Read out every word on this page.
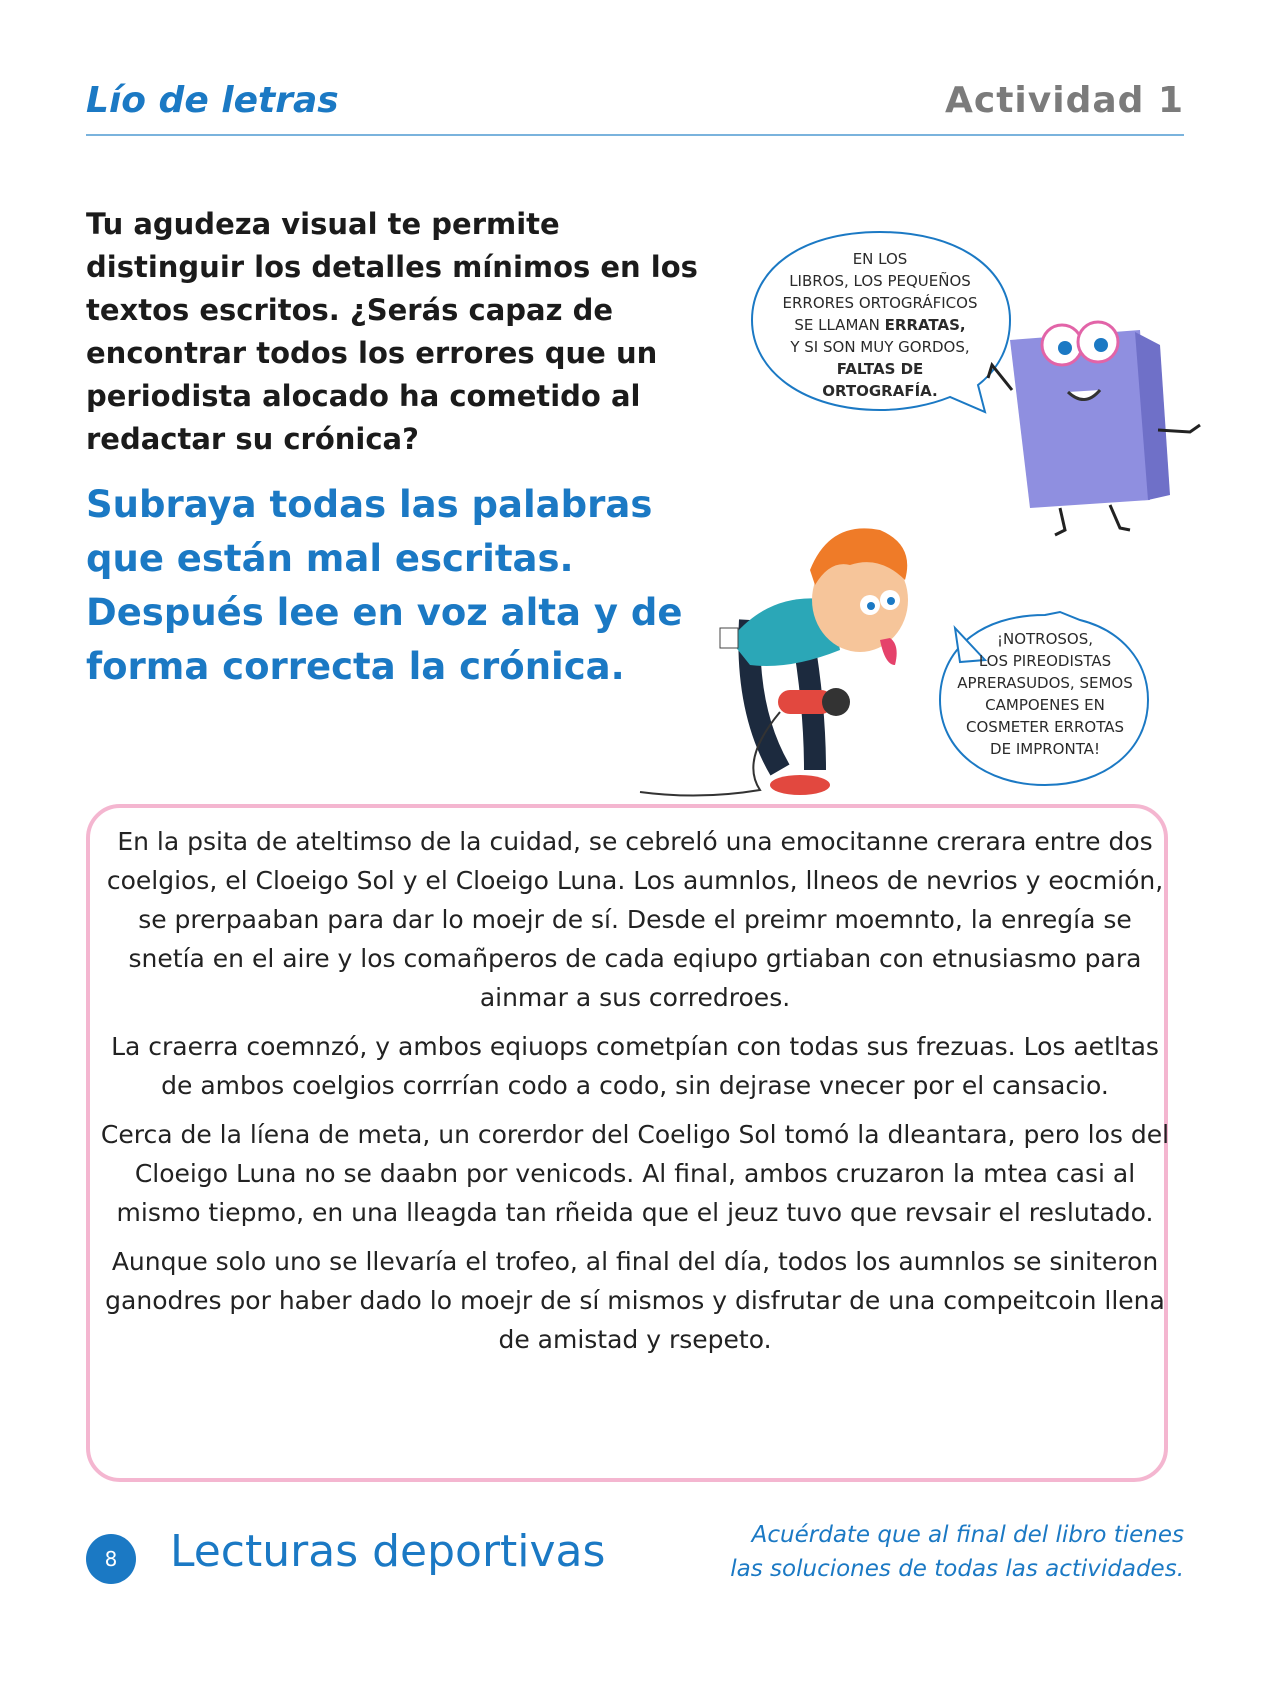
Lío de letras	Actividad 1

Tu agudeza visual te permite distinguir los detalles mínimos en los textos escritos. ¿Serás capaz de encontrar todos los errores que un periodista alocado ha cometido al redactar su crónica?

Subraya todas las palabras que están mal escritas. Después lee en voz alta y de forma correcta la crónica.

EN LOS
LIBROS, LOS PEQUEÑOS
ERRORES ORTOGRÁFICOS
SE LLAMAN ERRATAS,
Y SI SON MUY GORDOS,
FALTAS DE
ORTOGRAFÍA.
¡NOTROSOS,
LOS PIREODISTAS
APRERASUDOS, SEMOS
CAMPOENES EN
COSMETER ERROTAS
DE IMPRONTA!

En la psita de ateltimso de la cuidad, se cebreló una emocitanne crerara entre dos coelgios, el Cloeigo Sol y el Cloeigo Luna. Los aumnlos, llneos de nevrios y eocmión, se prerpaaban para dar lo moejr de sí. Desde el preimr moemnto, la enregía se snetía en el aire y los comañperos de cada eqiupo grtiaban con etnusiasmo para ainmar a sus corredroes.

La craerra coemnzó, y ambos eqiuops cometpían con todas sus frezuas. Los aetltas de ambos coelgios corrrían codo a codo, sin dejrase vnecer por el cansacio.

Cerca de la líena de meta, un corerdor del Coeligo Sol tomó la dleantara, pero los del Cloeigo Luna no se daabn por venicods. Al final, ambos cruzaron la mtea casi al mismo tiepmo, en una lleagda tan rñeida que el jeuz tuvo que revsair el reslutado.

Aunque solo uno se llevaría el trofeo, al final del día, todos los aumnlos se siniteron ganodres por haber dado lo moejr de sí mismos y disfrutar de una compeitcoin llena de amistad y rsepeto.

8	Lecturas deportivas	Acuérdate que al final del libro tienes
las soluciones de todas las actividades.
